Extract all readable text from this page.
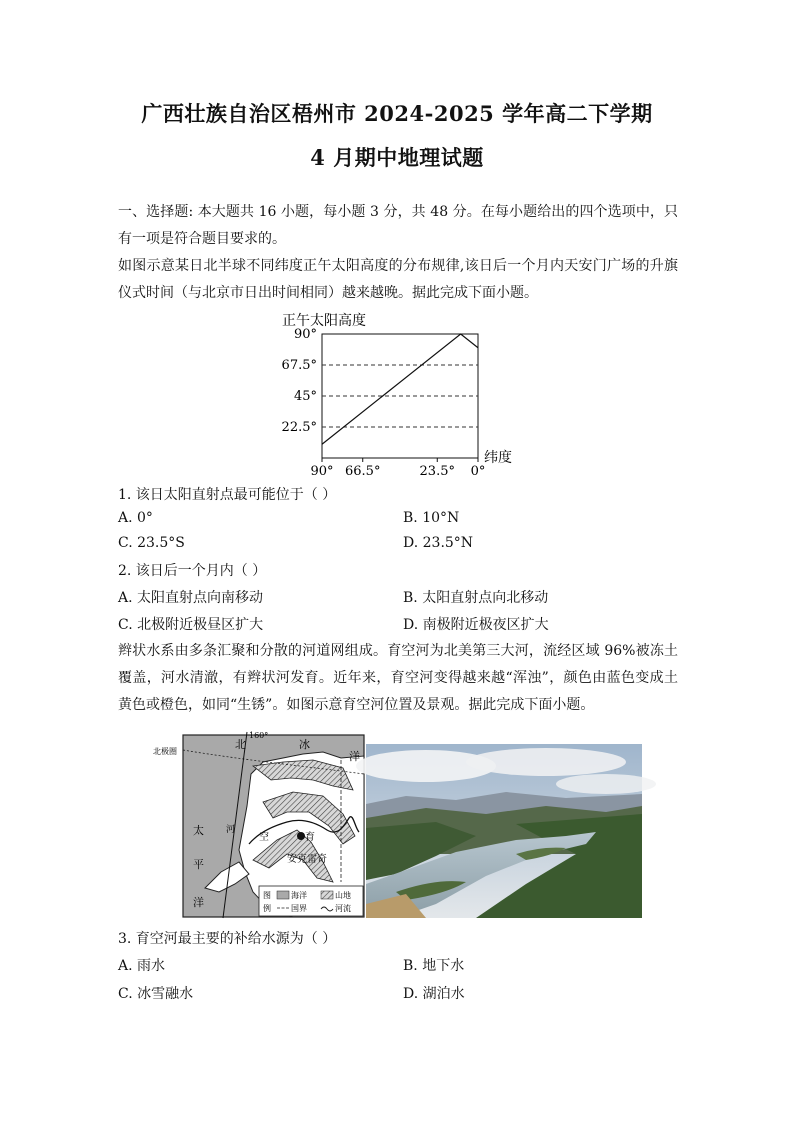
广西壮族自治区梧州市 2024-2025 学年高二下学期
4 月期中地理试题
一、选择题: 本大题共 16 小题，每小题 3 分，共 48 分。在每小题给出的四个选项中，只有一项是符合题目要求的。
如图示意某日北半球不同纬度正午太阳高度的分布规律,该日后一个月内天安门广场的升旗仪式时间（与北京市日出时间相同）越来越晚。据此完成下面小题。
正午太阳高度
90°
67.5°
45°
22.5°
90° 66.5°	23.5° 0°
纬度
1. 该日太阳直射点最可能位于（ ）
A. 0°	B. 10°N
C. 23.5°S	D. 23.5°N
2. 该日后一个月内（ ）
A. 太阳直射点向南移动	B. 太阳直射点向北移动
C. 北极附近极昼区扩大	D. 南极附近极夜区扩大
辫状水系由多条汇聚和分散的河道网组成。育空河为北美第三大河，流经区域 96%被冻土覆盖，河水清澈，有辫状河发育。近年来，育空河变得越来越“浑浊”，颜色由蓝色变成土黄色或橙色，如同“生锈”。如图示意育空河位置及景观。据此完成下面小题。
160°
北极圈
北	冰
洋
太
平
洋
育
空
河
安克雷奇
图
例
海洋	山地
国界	河流
3. 育空河最主要的补给水源为（ ）
A. 雨水	B. 地下水
C. 冰雪融水	D. 湖泊水
